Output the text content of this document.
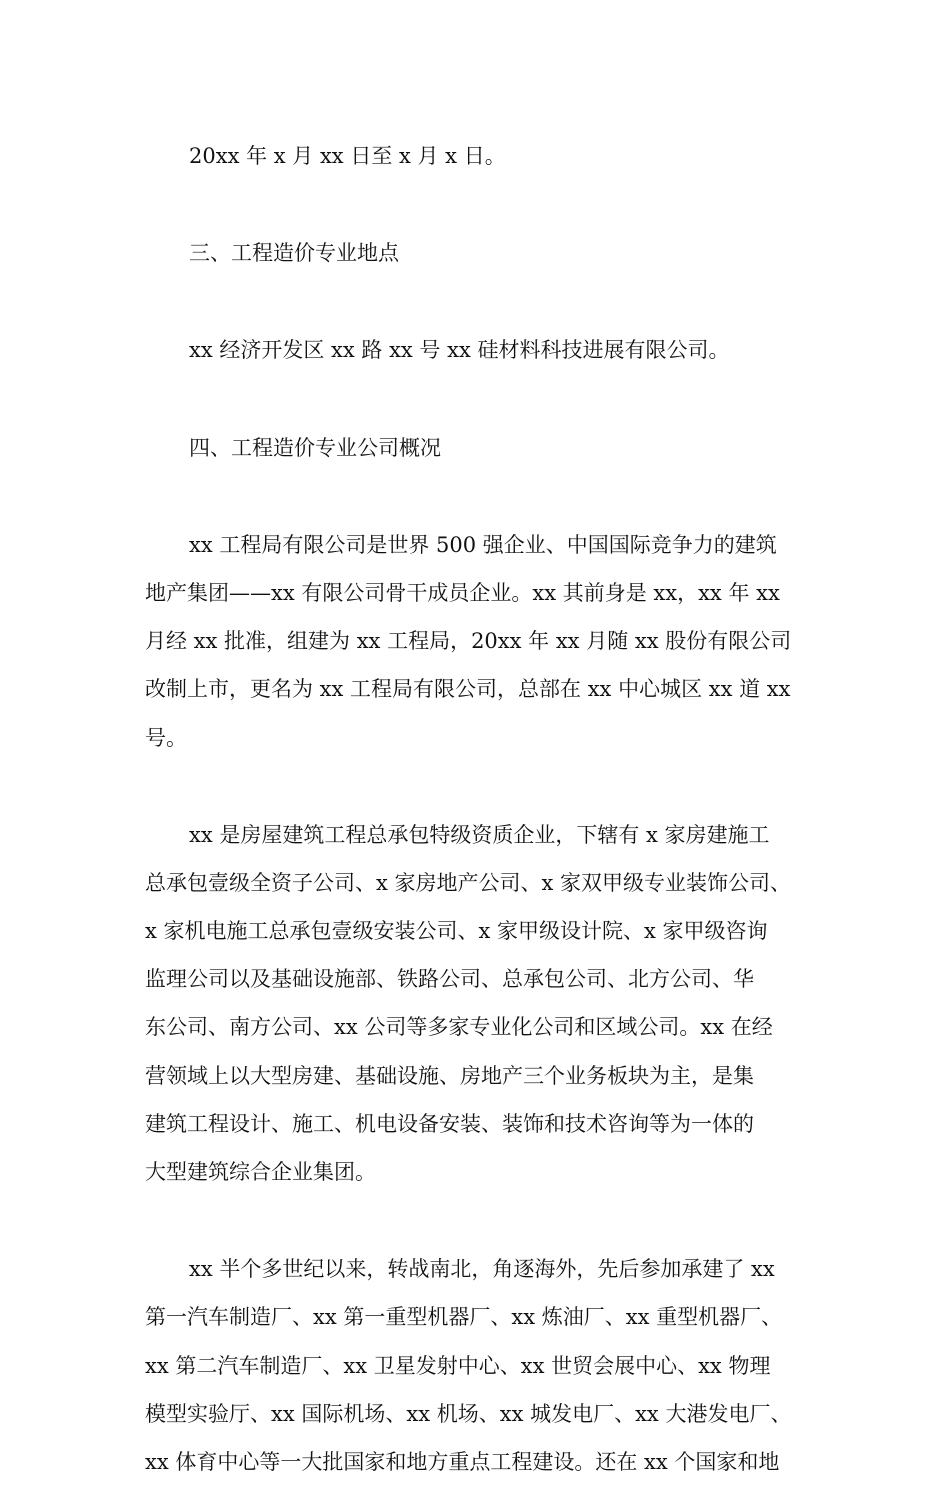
20xx 年 x 月 xx 日至 x 月 x 日。
三、工程造价专业地点
xx 经济开发区 xx 路 xx 号 xx 硅材料科技进展有限公司。
四、工程造价专业公司概况
xx 工程局有限公司是世界 500 强企业、中国国际竞争力的建筑
地产集团——xx 有限公司骨干成员企业。xx 其前身是 xx，xx 年 xx
月经 xx 批准，组建为 xx 工程局，20xx 年 xx 月随 xx 股份有限公司
改制上市，更名为 xx 工程局有限公司，总部在 xx 中心城区 xx 道 xx
号。
xx 是房屋建筑工程总承包特级资质企业，下辖有 x 家房建施工
总承包壹级全资子公司、x 家房地产公司、x 家双甲级专业装饰公司、
x 家机电施工总承包壹级安装公司、x 家甲级设计院、x 家甲级咨询
监理公司以及基础设施部、铁路公司、总承包公司、北方公司、华
东公司、南方公司、xx 公司等多家专业化公司和区域公司。xx 在经
营领域上以大型房建、基础设施、房地产三个业务板块为主，是集
建筑工程设计、施工、机电设备安装、装饰和技术咨询等为一体的
大型建筑综合企业集团。
xx 半个多世纪以来，转战南北，角逐海外，先后参加承建了 xx
第一汽车制造厂、xx 第一重型机器厂、xx 炼油厂、xx 重型机器厂、
xx 第二汽车制造厂、xx 卫星发射中心、xx 世贸会展中心、xx 物理
模型实验厅、xx 国际机场、xx 机场、xx 城发电厂、xx 大港发电厂、
xx 体育中心等一大批国家和地方重点工程建设。还在 xx 个国家和地
